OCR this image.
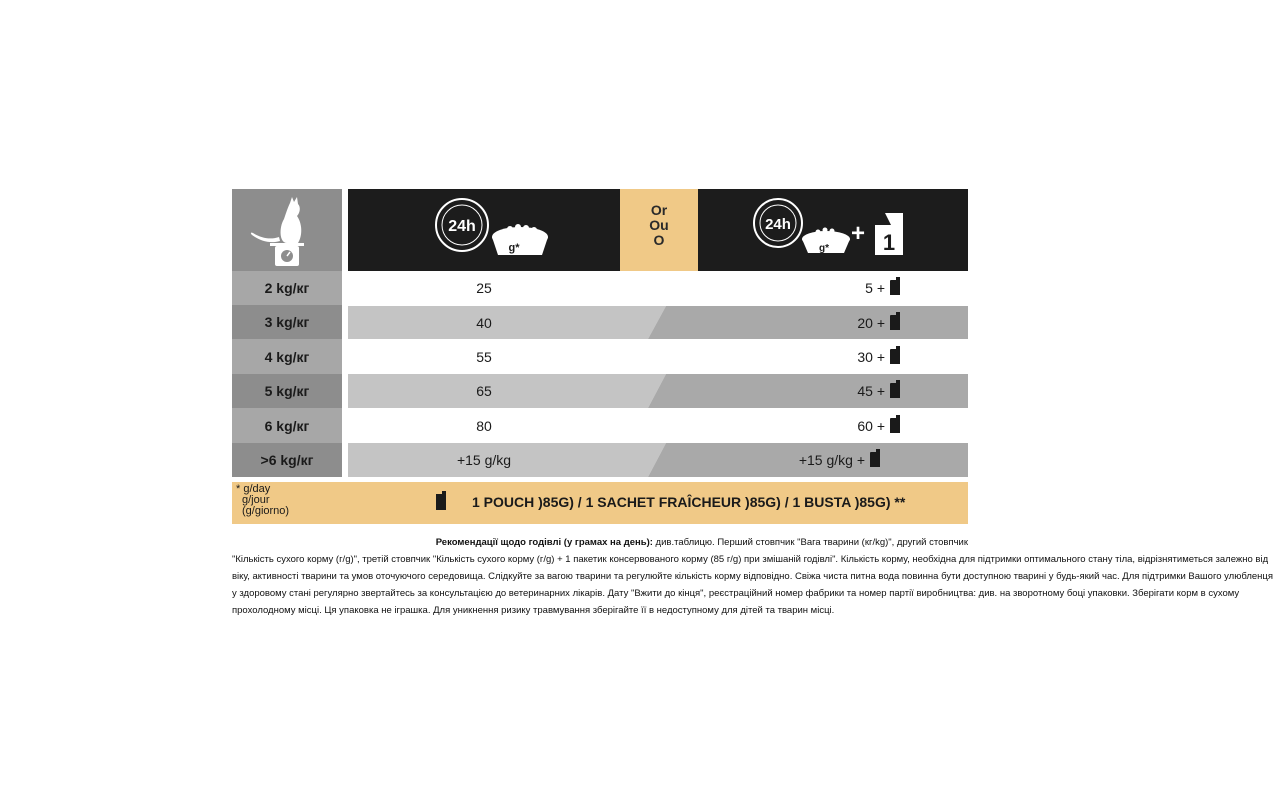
24h
g*
Or
Ou
O
24h
g*
+ 1
2 kg/кг
3 kg/кг
4 kg/кг
5 kg/кг
6 kg/кг
>6 kg/кг
25
40
55
65
80
+15 g/kg
5 +
20 +
30 +
45 +
60 +
+15 g/kg +
* g/day
g/jour
(g/giorno)
1 POUCH )85G) / 1 SACHET FRAÎCHEUR )85G) / 1 BUSTA )85G) **
Рекомендації щодо годівлі (у грамах на день): див.таблицю. Перший стовпчик "Вага тварини (кг/kg)", другий стовпчик
"Кількість сухого корму (г/g)", третій стовпчик "Кількість сухого корму (г/g) + 1 пакетик консервованого корму (85 г/g) при змішаній годівлі". Кількість корму, необхідна для підтримки оптимального стану тіла, відрізнятиметься залежно від
віку, активності тварини та умов оточуючого середовища. Слідкуйте за вагою тварини та регулюйте кількість корму відповідно. Свіжа чиста питна вода повинна бути доступною тварині у будь-який час. Для підтримки Вашого улюбленця
у здоровому стані регулярно звертайтесь за консультацією до ветеринарних лікарів. Дату "Вжити до кінця", реєстраційний номер фабрики та номер партії виробництва: див. на зворотному боці упаковки. Зберігати корм в сухому
прохолодному місці. Ця упаковка не іграшка. Для уникнення ризику травмування зберігайте її в недоступному для дітей та тварин місці.
